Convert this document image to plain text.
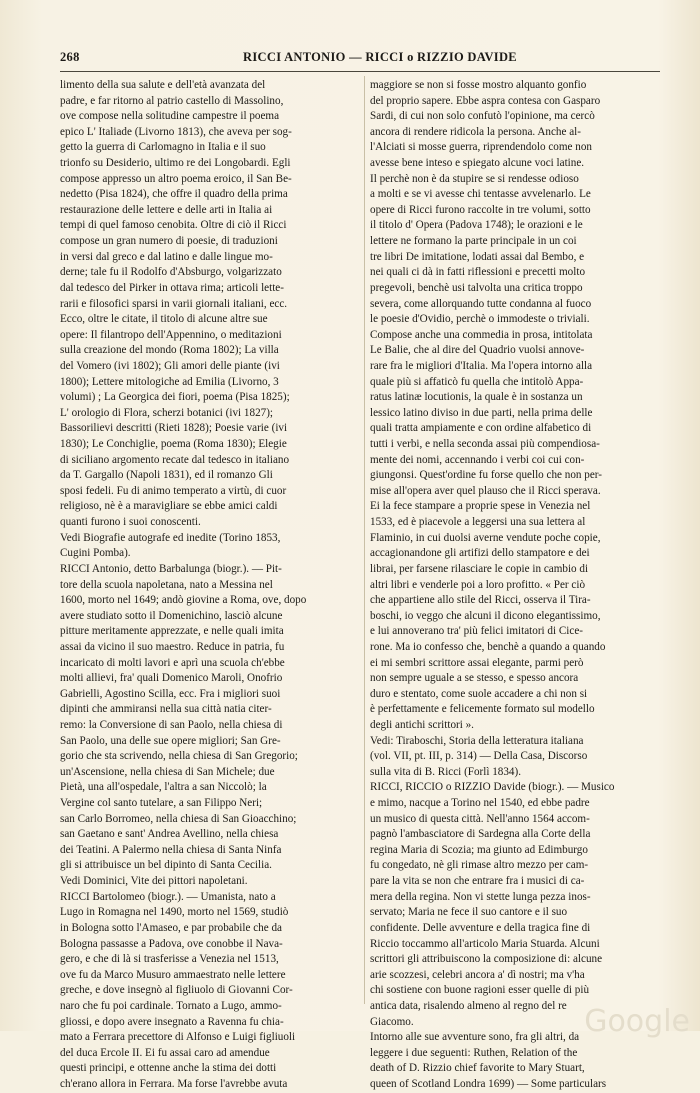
268	RICCI ANTONIO — RICCI o RIZZIO DAVIDE
limento della sua salute e dell'età avanzata del
padre, e far ritorno al patrio castello di Massolino,
ove compose nella solitudine campestre il poema
epico L' Italiade (Livorno 1813), che aveva per sog-
getto la guerra di Carlomagno in Italia e il suo
trionfo su Desiderio, ultimo re dei Longobardi. Egli
compose appresso un altro poema eroico, il San Be-
nedetto (Pisa 1824), che offre il quadro della prima
restaurazione delle lettere e delle arti in Italia ai
tempi di quel famoso cenobita. Oltre di ciò il Ricci
compose un gran numero di poesie, di traduzioni
in versi dal greco e dal latino e dalle lingue mo-
derne; tale fu il Rodolfo d'Absburgo, volgarizzato
dal tedesco del Pirker in ottava rima; articoli lette-
rarii e filosofici sparsi in varii giornali italiani, ecc.
Ecco, oltre le citate, il titolo di alcune altre sue
opere: Il filantropo dell'Appennino, o meditazioni
sulla creazione del mondo (Roma 1802); La villa
del Vomero (ivi 1802); Gli amori delle piante (ivi
1800); Lettere mitologiche ad Emilia (Livorno, 3
volumi) ; La Georgica dei fiori, poema (Pisa 1825);
L' orologio di Flora, scherzi botanici (ivi 1827);
Bassorilievi descritti (Rieti 1828); Poesie varie (ivi
1830); Le Conchiglie, poema (Roma 1830); Elegie
di siciliano argomento recate dal tedesco in italiano
da T. Gargallo (Napoli 1831), ed il romanzo Gli
sposi fedeli. Fu di animo temperato a virtù, di cuor
religioso, nè è a maravigliare se ebbe amici caldi
quanti furono i suoi conoscenti.
Vedi Biografie autografe ed inedite (Torino 1853,
Cugini Pomba).
RICCI Antonio, detto Barbalunga (biogr.). — Pit-
tore della scuola napoletana, nato a Messina nel
1600, morto nel 1649; andò giovine a Roma, ove, dopo
avere studiato sotto il Domenichino, lasciò alcune
pitture meritamente apprezzate, e nelle quali imita
assai da vicino il suo maestro. Reduce in patria, fu
incaricato di molti lavori e aprì una scuola ch'ebbe
molti allievi, fra' quali Domenico Maroli, Onofrio
Gabrielli, Agostino Scilla, ecc. Fra i migliori suoi
dipinti che ammiransi nella sua città natia citer-
remo: la Conversione di san Paolo, nella chiesa di
San Paolo, una delle sue opere migliori; San Gre-
gorio che sta scrivendo, nella chiesa di San Gregorio;
un'Ascensione, nella chiesa di San Michele; due
Pietà, una all'ospedale, l'altra a san Niccolò; la
Vergine col santo tutelare, a san Filippo Neri;
san Carlo Borromeo, nella chiesa di San Gioacchino;
san Gaetano e sant' Andrea Avellino, nella chiesa
dei Teatini. A Palermo nella chiesa di Santa Ninfa
gli si attribuisce un bel dipinto di Santa Cecilia.
Vedi Dominici, Vite dei pittori napoletani.
RICCI Bartolomeo (biogr.). — Umanista, nato a
Lugo in Romagna nel 1490, morto nel 1569, studiò
in Bologna sotto l'Amaseo, e par probabile che da
Bologna passasse a Padova, ove conobbe il Nava-
gero, e che di là si trasferisse a Venezia nel 1513,
ove fu da Marco Musuro ammaestrato nelle lettere
greche, e dove insegnò al figliuolo di Giovanni Cor-
naro che fu poi cardinale. Tornato a Lugo, ammo-
gliossi, e dopo avere insegnato a Ravenna fu chia-
mato a Ferrara precettore di Alfonso e Luigi figliuoli
del duca Ercole II. Ei fu assai caro ad amendue
questi principi, e ottenne anche la stima dei dotti
ch'erano allora in Ferrara. Ma forse l'avrebbe avuta
maggiore se non si fosse mostro alquanto gonfio
del proprio sapere. Ebbe aspra contesa con Gasparo
Sardi, di cui non solo confutò l'opinione, ma cercò
ancora di rendere ridicola la persona. Anche al-
l'Alciati si mosse guerra, riprendendolo come non
avesse bene inteso e spiegato alcune voci latine.
Il perchè non è da stupire se si rendesse odioso
a molti e se vi avesse chi tentasse avvelenarlo. Le
opere di Ricci furono raccolte in tre volumi, sotto
il titolo d' Opera (Padova 1748); le orazioni e le
lettere ne formano la parte principale in un coi
tre libri De imitatione, lodati assai dal Bembo, e
nei quali ci dà in fatti riflessioni e precetti molto
pregevoli, benchè usi talvolta una critica troppo
severa, come allorquando tutte condanna al fuoco
le poesie d'Ovidio, perchè o immodeste o triviali.
Compose anche una commedia in prosa, intitolata
Le Balie, che al dire del Quadrio vuolsi annove-
rare fra le migliori d'Italia. Ma l'opera intorno alla
quale più si affaticò fu quella che intitolò Appa-
ratus latinæ locutionis, la quale è in sostanza un
lessico latino diviso in due parti, nella prima delle
quali tratta ampiamente e con ordine alfabetico di
tutti i verbi, e nella seconda assai più compendiosa-
mente dei nomi, accennando i verbi coi cui con-
giungonsi. Quest'ordine fu forse quello che non per-
mise all'opera aver quel plauso che il Ricci sperava.
Ei la fece stampare a proprie spese in Venezia nel
1533, ed è piacevole a leggersi una sua lettera al
Flaminio, in cui duolsi averne vendute poche copie,
accagionandone gli artifizi dello stampatore e dei
librai, per farsene rilasciare le copie in cambio di
altri libri e venderle poi a loro profitto. « Per ciò
che appartiene allo stile del Ricci, osserva il Tira-
boschi, io veggo che alcuni il dicono elegantissimo,
e lui annoverano tra' più felici imitatori di Cice-
rone. Ma io confesso che, benchè a quando a quando
ei mi sembri scrittore assai elegante, parmi però
non sempre uguale a se stesso, e spesso ancora
duro e stentato, come suole accadere a chi non si
è perfettamente e felicemente formato sul modello
degli antichi scrittori ».
Vedi: Tiraboschi, Storia della letteratura italiana
(vol. VII, pt. III, p. 314) — Della Casa, Discorso
sulla vita di B. Ricci (Forlì 1834).
RICCI, RICCIO o RIZZIO Davide (biogr.). — Musico
e mimo, nacque a Torino nel 1540, ed ebbe padre
un musico di questa città. Nell'anno 1564 accom-
pagnò l'ambasciatore di Sardegna alla Corte della
regina Maria di Scozia; ma giunto ad Edimburgo
fu congedato, nè gli rimase altro mezzo per cam-
pare la vita se non che entrare fra i musici di ca-
mera della regina. Non vi stette lunga pezza inos-
servato; Maria ne fece il suo cantore e il suo
confidente. Delle avventure e della tragica fine di
Riccio toccammo all'articolo Maria Stuarda. Alcuni
scrittori gli attribuiscono la composizione di: alcune
arie scozzesi, celebri ancora a' dì nostri; ma v'ha
chi sostiene con buone ragioni esser quelle di più
antica data, risalendo almeno al regno del re
Giacomo.
Intorno alle sue avventure sono, fra gli altri, da
leggere i due seguenti: Ruthen, Relation of the
death of D. Rizzio chief favorite to Mary Stuart,
queen of Scotland Londra 1699) — Some particulars
Google
